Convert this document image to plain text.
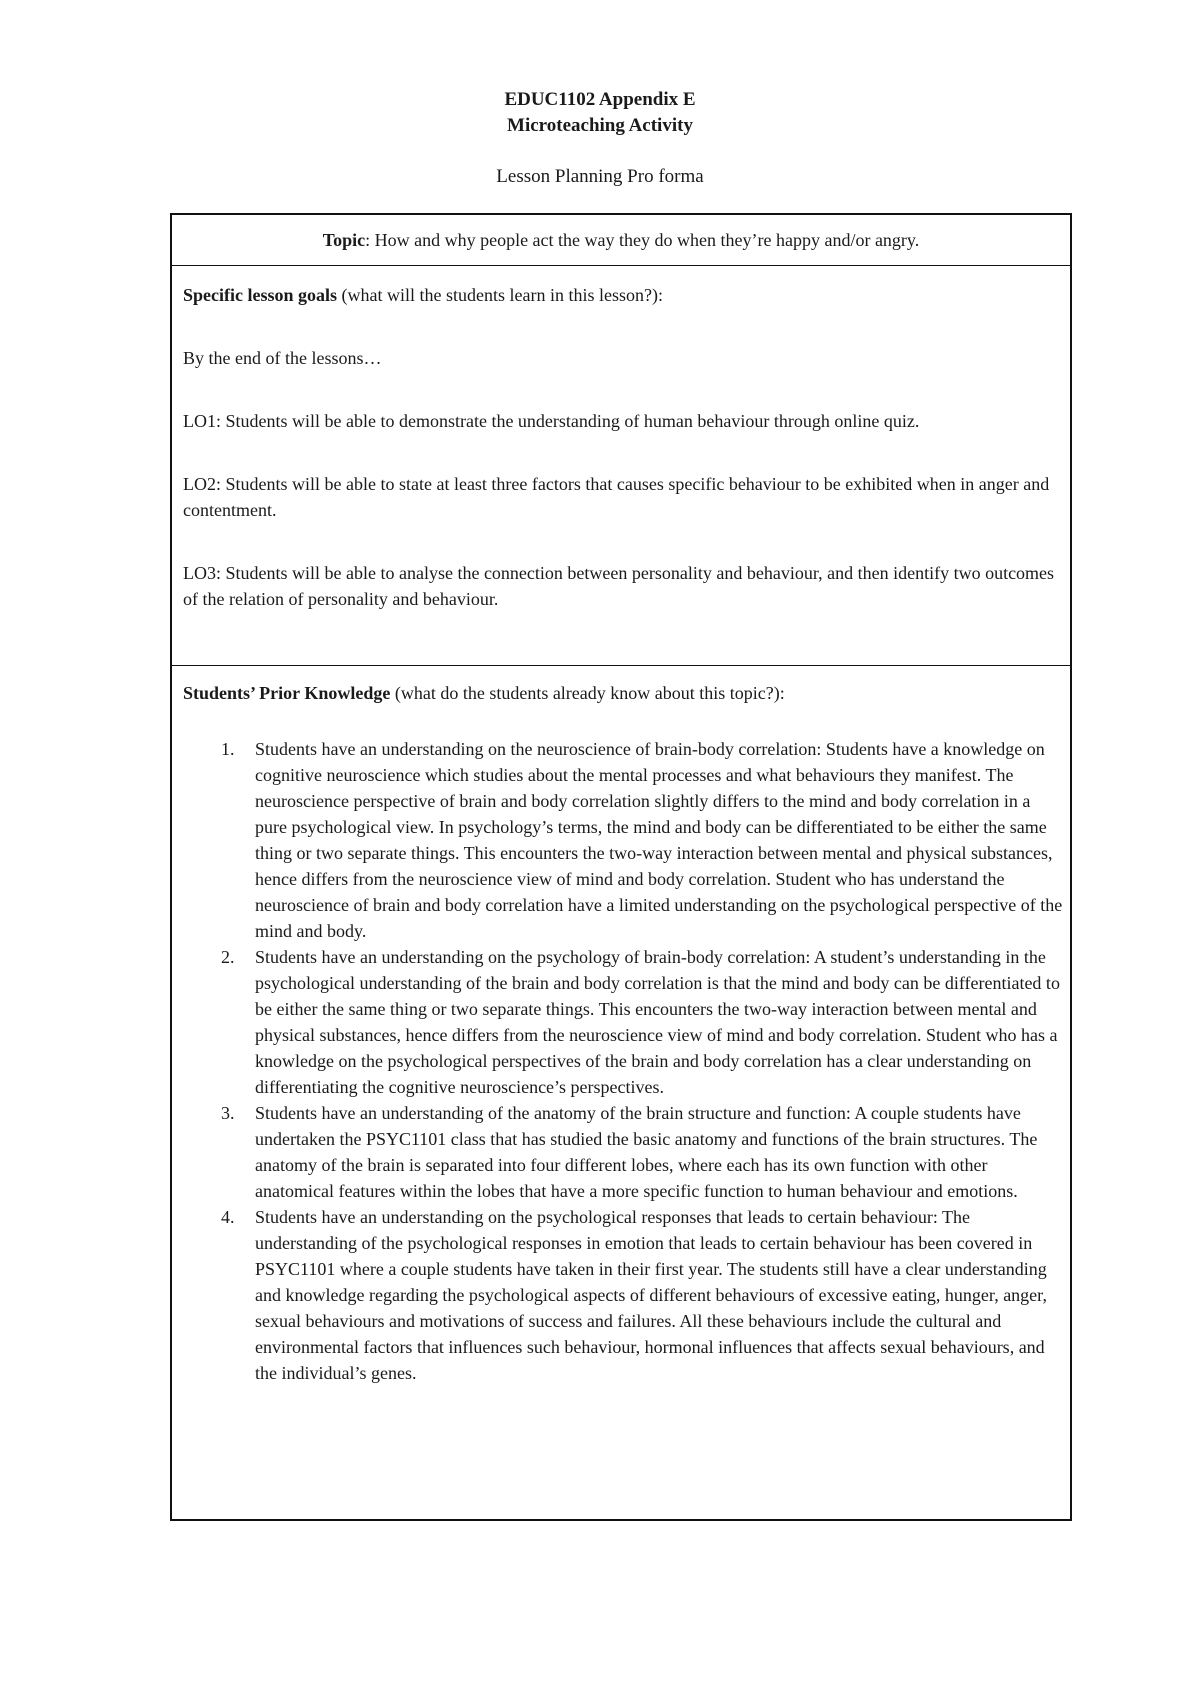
EDUC1102 Appendix E
Microteaching Activity
Lesson Planning Pro forma
Topic: How and why people act the way they do when they’re happy and/or angry.

Specific lesson goals (what will the students learn in this lesson?):

By the end of the lessons…

LO1: Students will be able to demonstrate the understanding of human behaviour through online quiz.

LO2: Students will be able to state at least three factors that causes specific behaviour to be exhibited when in anger and contentment.

LO3: Students will be able to analyse the connection between personality and behaviour, and then identify two outcomes of the relation of personality and behaviour.

Students’ Prior Knowledge (what do the students already know about this topic?):

1. Students have an understanding on the neuroscience of brain-body correlation: Students have a knowledge on cognitive neuroscience which studies about the mental processes and what behaviours they manifest. The neuroscience perspective of brain and body correlation slightly differs to the mind and body correlation in a pure psychological view. In psychology’s terms, the mind and body can be differentiated to be either the same thing or two separate things. This encounters the two-way interaction between mental and physical substances, hence differs from the neuroscience view of mind and body correlation. Student who has understand the neuroscience of brain and body correlation have a limited understanding on the psychological perspective of the mind and body.
2. Students have an understanding on the psychology of brain-body correlation: A student’s understanding in the psychological understanding of the brain and body correlation is that the mind and body can be differentiated to be either the same thing or two separate things. This encounters the two-way interaction between mental and physical substances, hence differs from the neuroscience view of mind and body correlation. Student who has a knowledge on the psychological perspectives of the brain and body correlation has a clear understanding on differentiating the cognitive neuroscience’s perspectives.
3. Students have an understanding of the anatomy of the brain structure and function: A couple students have undertaken the PSYC1101 class that has studied the basic anatomy and functions of the brain structures. The anatomy of the brain is separated into four different lobes, where each has its own function with other anatomical features within the lobes that have a more specific function to human behaviour and emotions.
4. Students have an understanding on the psychological responses that leads to certain behaviour: The understanding of the psychological responses in emotion that leads to certain behaviour has been covered in PSYC1101 where a couple students have taken in their first year. The students still have a clear understanding and knowledge regarding the psychological aspects of different behaviours of excessive eating, hunger, anger, sexual behaviours and motivations of success and failures. All these behaviours include the cultural and environmental factors that influences such behaviour, hormonal influences that affects sexual behaviours, and the individual’s genes.
